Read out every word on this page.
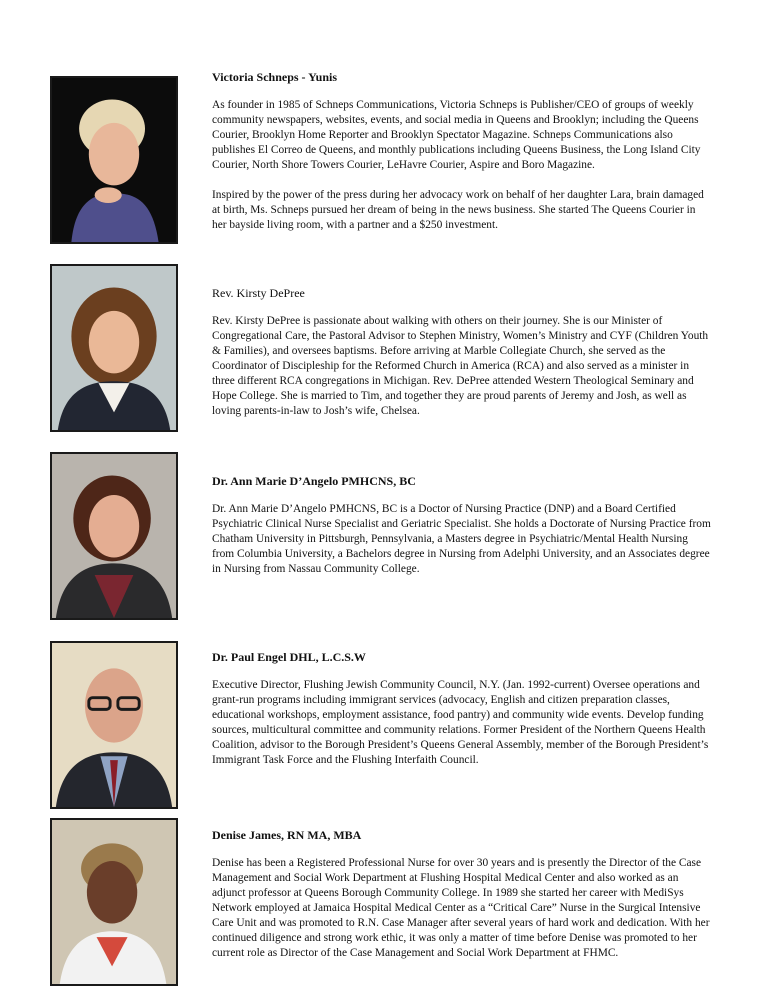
Victoria Schneps - Yunis

As founder in 1985 of Schneps Communications, Victoria Schneps is Publisher/CEO of groups of weekly community newspapers, websites, events, and social media in Queens and Brooklyn; including the Queens Courier, Brooklyn Home Reporter and Brooklyn Spectator Magazine. Schneps Communications also publishes El Correo de Queens, and monthly publications including Queens Business, the Long Island City Courier, North Shore Towers Courier, LeHavre Courier, Aspire and Boro Magazine.

Inspired by the power of the press during her advocacy work on behalf of her daughter Lara, brain damaged at birth, Ms. Schneps pursued her dream of being in the news business. She started The Queens Courier in her bayside living room, with a partner and a $250 investment.

Rev. Kirsty DePree

Rev. Kirsty DePree is passionate about walking with others on their journey. She is our Minister of Congregational Care, the Pastoral Advisor to Stephen Ministry, Women’s Ministry and CYF (Children Youth & Families), and oversees baptisms. Before arriving at Marble Collegiate Church, she served as the Coordinator of Discipleship for the Reformed Church in America (RCA) and also served as a minister in three different RCA congregations in Michigan. Rev. DePree attended Western Theological Seminary and Hope College. She is married to Tim, and together they are proud parents of Jeremy and Josh, as well as loving parents-in-law to Josh’s wife, Chelsea.

Dr. Ann Marie D’Angelo PMHCNS, BC

Dr. Ann Marie D’Angelo PMHCNS, BC is a Doctor of Nursing Practice (DNP) and a Board Certified Psychiatric Clinical Nurse Specialist and Geriatric Specialist. She holds a Doctorate of Nursing Practice from Chatham University in Pittsburgh, Pennsylvania, a Masters degree in Psychiatric/Mental Health Nursing from Columbia University, a Bachelors degree in Nursing from Adelphi University, and an Associates degree in Nursing from Nassau Community College.

Dr. Paul Engel DHL, L.C.S.W

Executive Director, Flushing Jewish Community Council, N.Y. (Jan. 1992-current) Oversee operations and grant-run programs including immigrant services (advocacy, English and citizen preparation classes, educational workshops, employment assistance, food pantry) and community wide events. Develop funding sources, multicultural committee and community relations. Former President of the Northern Queens Health Coalition, advisor to the Borough President’s Queens General Assembly, member of the Borough President’s Immigrant Task Force and the Flushing Interfaith Council.

Denise James, RN MA, MBA

Denise has been a Registered Professional Nurse for over 30 years and is presently the Director of the Case Management and Social Work Department at Flushing Hospital Medical Center and also worked as an adjunct professor at Queens Borough Community College. In 1989 she started her career with MediSys Network employed at Jamaica Hospital Medical Center as a “Critical Care” Nurse in the Surgical Intensive Care Unit and was promoted to R.N. Case Manager after several years of hard work and dedication. With her continued diligence and strong work ethic, it was only a matter of time before Denise was promoted to her current role as Director of the Case Management and Social Work Department at FHMC.
